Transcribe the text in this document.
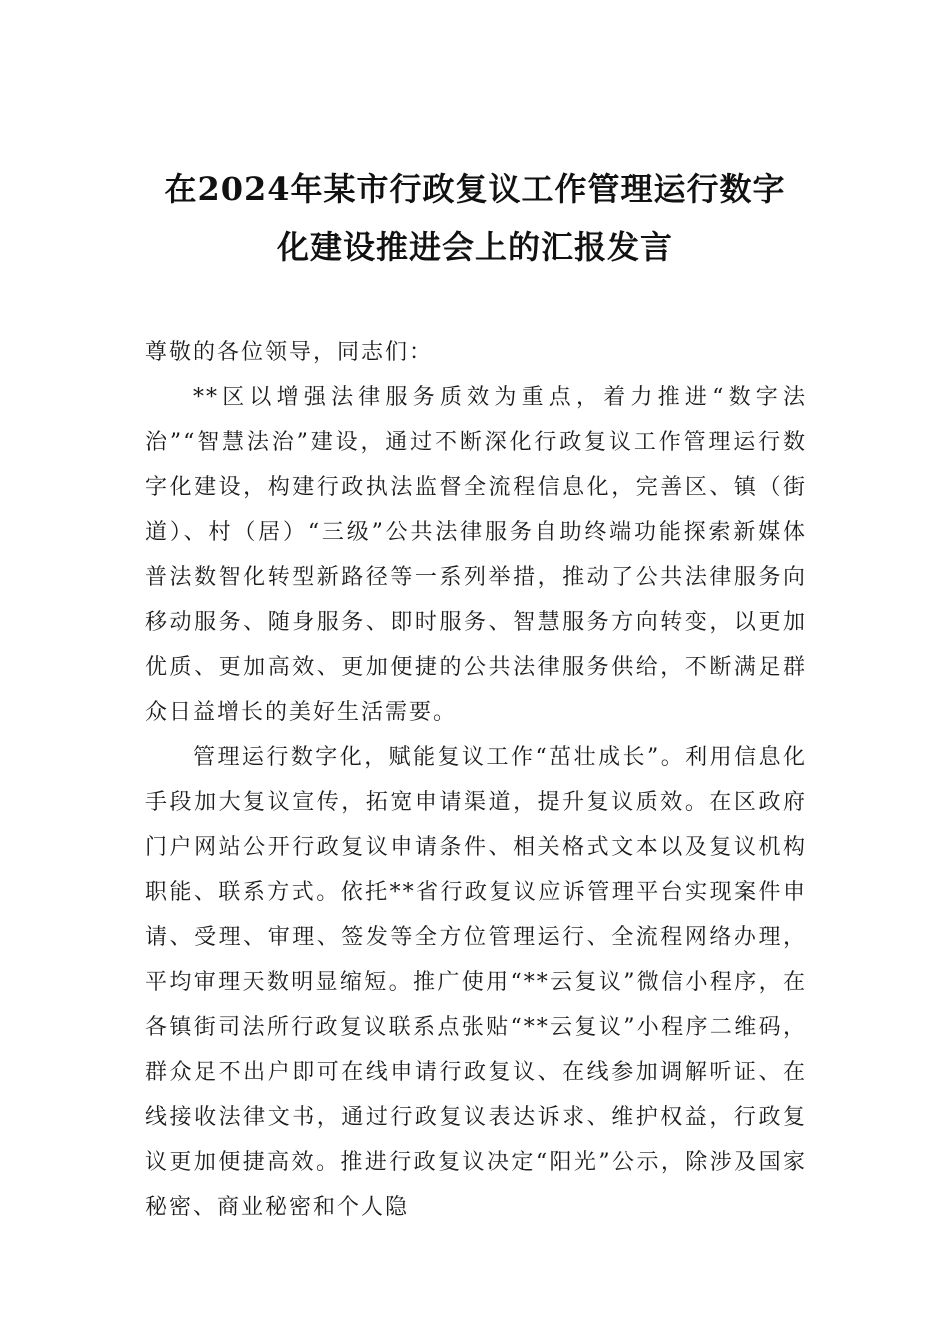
在2024年某市行政复议工作管理运行数字
化建设推进会上的汇报发言

尊敬的各位领导，同志们：

**区以增强法律服务质效为重点，着力推进“数字法治”“智慧法治”建设，通过不断深化行政复议工作管理运行数字化建设，构建行政执法监督全流程信息化，完善区、镇（街道）、村（居）“三级”公共法律服务自助终端功能探索新媒体普法数智化转型新路径等一系列举措，推动了公共法律服务向移动服务、随身服务、即时服务、智慧服务方向转变，以更加优质、更加高效、更加便捷的公共法律服务供给，不断满足群众日益增长的美好生活需要。

管理运行数字化，赋能复议工作“茁壮成长”。利用信息化手段加大复议宣传，拓宽申请渠道，提升复议质效。在区政府门户网站公开行政复议申请条件、相关格式文本以及复议机构职能、联系方式。依托**省行政复议应诉管理平台实现案件申请、受理、审理、签发等全方位管理运行、全流程网络办理，平均审理天数明显缩短。推广使用“**云复议”微信小程序，在各镇街司法所行政复议联系点张贴“**云复议”小程序二维码，群众足不出户即可在线申请行政复议、在线参加调解听证、在线接收法律文书，通过行政复议表达诉求、维护权益，行政复议更加便捷高效。推进行政复议决定“阳光”公示，除涉及国家秘密、商业秘密和个人隐
